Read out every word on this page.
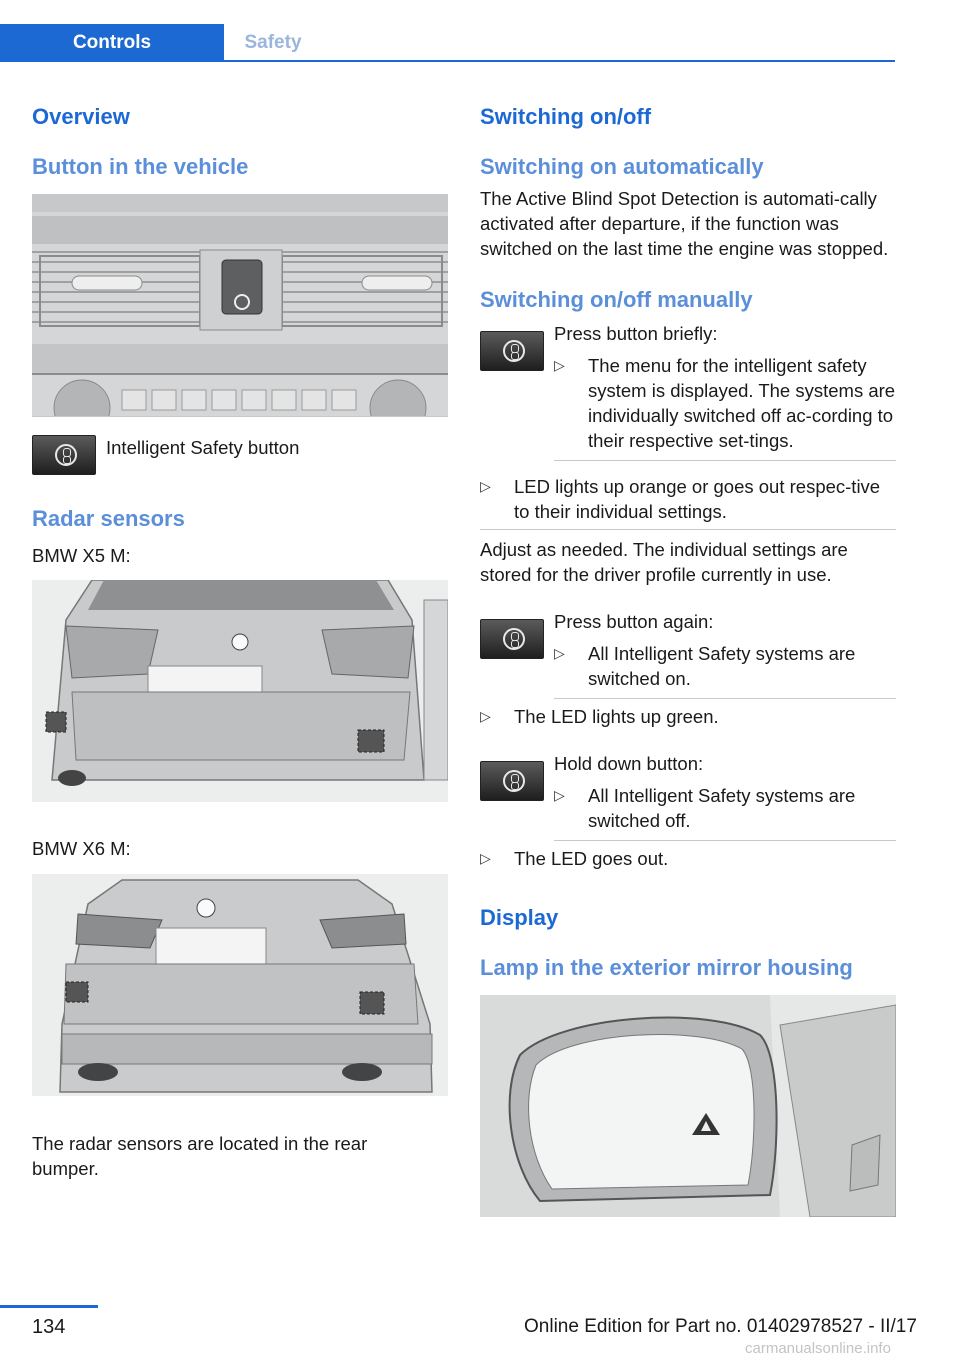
Controls	Safety
Overview
Button in the vehicle
Intelligent Safety button
Radar sensors
BMW X5 M:
BMW X6 M:
The radar sensors are located in the rear bumper.
Switching on/off
Switching on automatically
The Active Blind Spot Detection is automati-cally activated after departure, if the function was switched on the last time the engine was stopped.
Switching on/off manually
Press button briefly:
▷ The menu for the intelligent safety system is displayed. The systems are individually switched off ac-cording to their respective set-tings.
▷ LED lights up orange or goes out respec-tive to their individual settings.
Adjust as needed. The individual settings are stored for the driver profile currently in use.
Press button again:
▷ All Intelligent Safety systems are switched on.
▷ The LED lights up green.
Hold down button:
▷ All Intelligent Safety systems are switched off.
▷ The LED goes out.
Display
Lamp in the exterior mirror housing
134	Online Edition for Part no. 01402978527 - II/17
carmanualsonline.info
